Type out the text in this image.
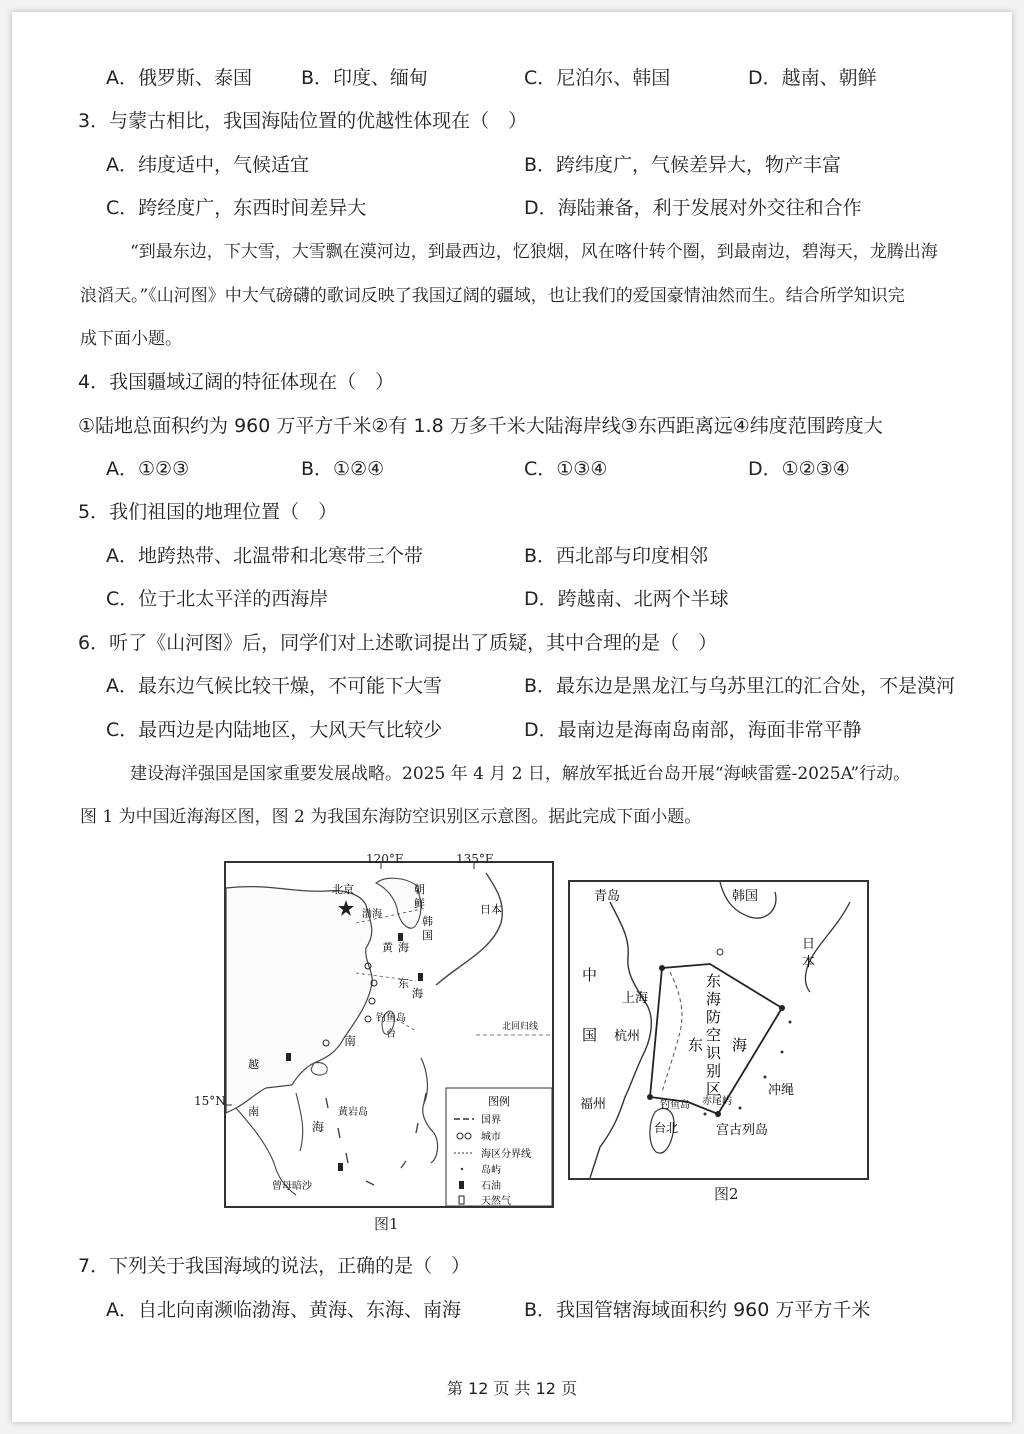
A．俄罗斯、泰国	B．印度、缅甸	C．尼泊尔、韩国	D．越南、朝鲜
3．与蒙古相比，我国海陆位置的优越性体现在（　）
A．纬度适中，气候适宜	B．跨纬度广，气候差异大，物产丰富
C．跨经度广，东西时间差异大	D．海陆兼备，利于发展对外交往和合作
“到最东边，下大雪，大雪飘在漠河边，到最西边，忆狼烟，风在喀什转个圈，到最南边，碧海天，龙腾出海
浪滔天。”《山河图》中大气磅礴的歌词反映了我国辽阔的疆域，也让我们的爱国豪情油然而生。结合所学知识完
成下面小题。
4．我国疆域辽阔的特征体现在（　）
①陆地总面积约为 960 万平方千米②有 1.8 万多千米大陆海岸线③东西距离远④纬度范围跨度大
A．①②③	B．①②④	C．①③④	D．①②③④
5．我们祖国的地理位置（　）
A．地跨热带、北温带和北寒带三个带	B．西北部与印度相邻
C．位于北太平洋的西海岸	D．跨越南、北两个半球
6．听了《山河图》后，同学们对上述歌词提出了质疑，其中合理的是（　）
A．最东边气候比较干燥，不可能下大雪	B．最东边是黑龙江与乌苏里江的汇合处，不是漠河
C．最西边是内陆地区，大风天气比较少	D．最南边是海南岛南部，海面非常平静
建设海洋强国是国家重要发展战略。2025 年 4 月 2 日，解放军抵近台岛开展“海峡雷霆-2025A”行动。
图 1 为中国近海海区图，图 2 为我国东海防空识别区示意图。据此完成下面小题。
北京	朝
鲜
渤海
韩
国
日本
黄 海
东
海
钓鱼岛
台
南
海
越
南	黄岩岛
曾母暗沙
北回归线
图例
国界
城市
海区分界线
岛屿
石油
天然气
120°E	135°E
15°N
图1
青岛	韩国
日
本
中
国
上海
杭州
福州
东 海
东
海
防
空
识
别
区
钓鱼岛 赤尾屿
冲绳
宫古列岛
台北
图2
7．下列关于我国海域的说法，正确的是（　）
A．自北向南濒临渤海、黄海、东海、南海	B．我国管辖海域面积约 960 万平方千米
第 12 页 共 12 页
